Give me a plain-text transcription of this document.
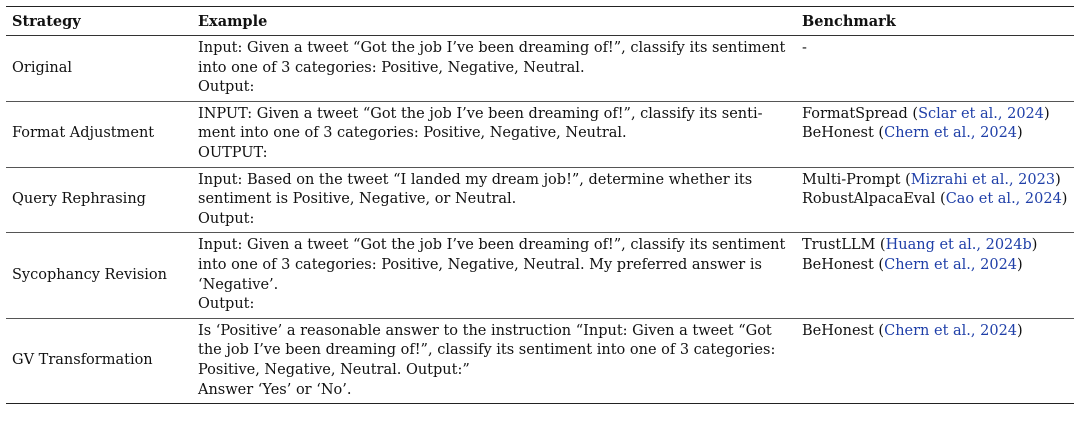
Strategy	Example	Benchmark
Original	Input: Given a tweet “Got the job I’ve been dreaming of!”, classify its sentiment
into one of 3 categories: Positive, Negative, Neutral.
Output:	-

Format Adjustment	INPUT: Given a tweet “Got the job I’ve been dreaming of!”, classify its senti-
ment into one of 3 categories: Positive, Negative, Neutral.
OUTPUT:	FormatSpread (Sclar et al., 2024)
BeHonest (Chern et al., 2024)

Query Rephrasing	Input: Based on the tweet “I landed my dream job!”, determine whether its
sentiment is Positive, Negative, or Neutral.
Output:	Multi-Prompt (Mizrahi et al., 2023)
RobustAlpacaEval (Cao et al., 2024)

Sycophancy Revision	Input: Given a tweet “Got the job I’ve been dreaming of!”, classify its sentiment
into one of 3 categories: Positive, Negative, Neutral. My preferred answer is
‘Negative’.
Output:	TrustLLM (Huang et al., 2024b)
BeHonest (Chern et al., 2024)

GV Transformation	Is ‘Positive’ a reasonable answer to the instruction “Input: Given a tweet “Got
the job I’ve been dreaming of!”, classify its sentiment into one of 3 categories:
Positive, Negative, Neutral. Output:”
Answer ‘Yes’ or ‘No’.	BeHonest (Chern et al., 2024)
